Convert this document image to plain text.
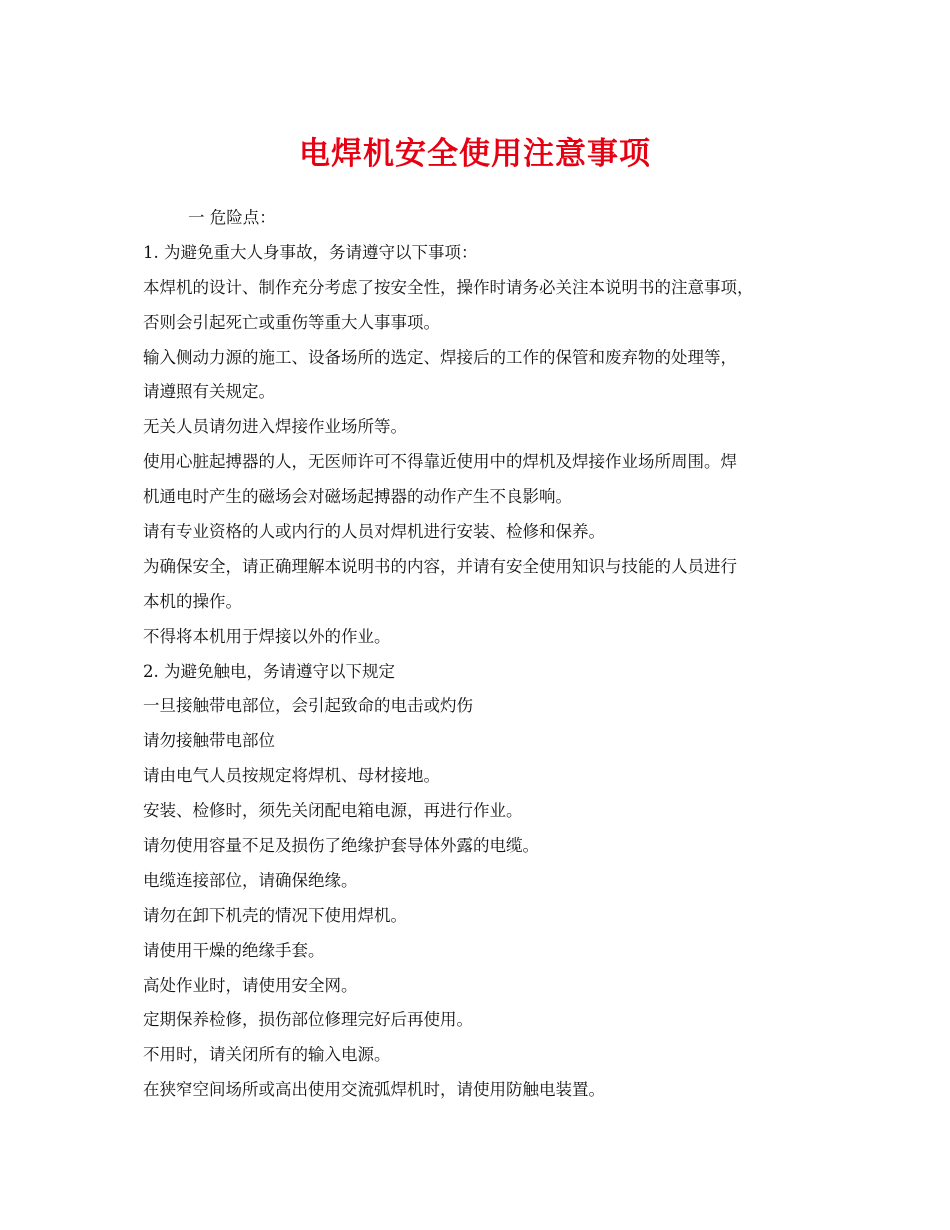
电焊机安全使用注意事项
一 危险点：
1. 为避免重大人身事故，务请遵守以下事项：
本焊机的设计、制作充分考虑了按安全性，操作时请务必关注本说明书的注意事项，
否则会引起死亡或重伤等重大人事事项。
输入侧动力源的施工、设备场所的选定、焊接后的工作的保管和废弃物的处理等，
请遵照有关规定。
无关人员请勿进入焊接作业场所等。
使用心脏起搏器的人，无医师许可不得靠近使用中的焊机及焊接作业场所周围。焊
机通电时产生的磁场会对磁场起搏器的动作产生不良影响。
请有专业资格的人或内行的人员对焊机进行安装、检修和保养。
为确保安全，请正确理解本说明书的内容，并请有安全使用知识与技能的人员进行
本机的操作。
不得将本机用于焊接以外的作业。
2. 为避免触电，务请遵守以下规定
一旦接触带电部位，会引起致命的电击或灼伤
请勿接触带电部位
请由电气人员按规定将焊机、母材接地。
安装、检修时，须先关闭配电箱电源，再进行作业。
请勿使用容量不足及损伤了绝缘护套导体外露的电缆。
电缆连接部位，请确保绝缘。
请勿在卸下机壳的情况下使用焊机。
请使用干燥的绝缘手套。
高处作业时，请使用安全网。
定期保养检修，损伤部位修理完好后再使用。
不用时，请关闭所有的输入电源。
在狭窄空间场所或高出使用交流弧焊机时，请使用防触电装置。
